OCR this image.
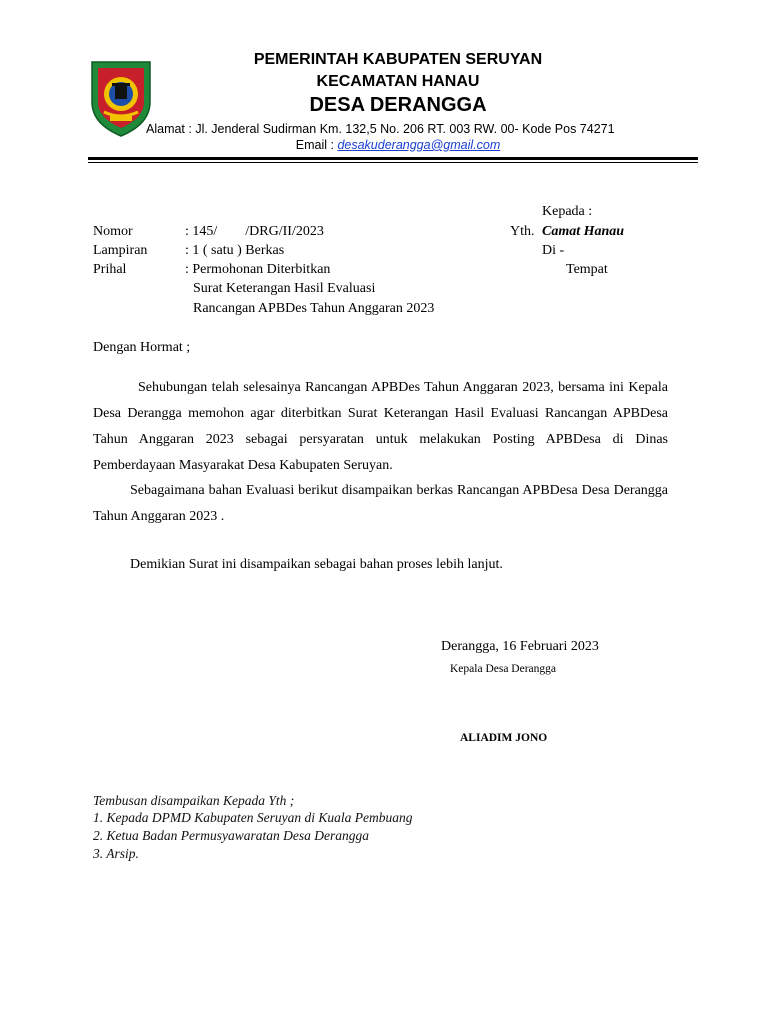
PEMERINTAH KABUPATEN SERUYAN
KECAMATAN HANAU
DESA DERANGGA
Alamat : Jl. Jenderal Sudirman Km. 132,5 No. 206 RT. 003 RW. 00- Kode Pos 74271
Email : desakuderangga@gmail.com
Kepada :
Yth. Camat Hanau
Di -
Tempat
Nomor	: 145/        /DRG/II/2023
Lampiran	: 1 ( satu ) Berkas
Prihal	: Permohonan Diterbitkan
Surat Keterangan Hasil Evaluasi
Rancangan APBDes Tahun Anggaran 2023
Dengan Hormat ;
Sehubungan telah selesainya Rancangan APBDes Tahun Anggaran 2023, bersama ini Kepala Desa Derangga memohon agar diterbitkan Surat Keterangan Hasil Evaluasi Rancangan APBDesa Tahun Anggaran 2023 sebagai persyaratan untuk melakukan Posting APBDesa di Dinas Pemberdayaan Masyarakat Desa Kabupaten Seruyan.
Sebagaimana bahan Evaluasi berikut disampaikan berkas Rancangan APBDesa Desa Derangga Tahun Anggaran 2023 .
Demikian Surat ini disampaikan sebagai bahan proses lebih lanjut.
Derangga, 16 Februari 2023
Kepala Desa Derangga
ALIADIM JONO
Tembusan disampaikan Kepada Yth ;
1. Kepada DPMD Kabupaten Seruyan di Kuala Pembuang
2. Ketua Badan Permusyawaratan Desa Derangga
3. Arsip.
